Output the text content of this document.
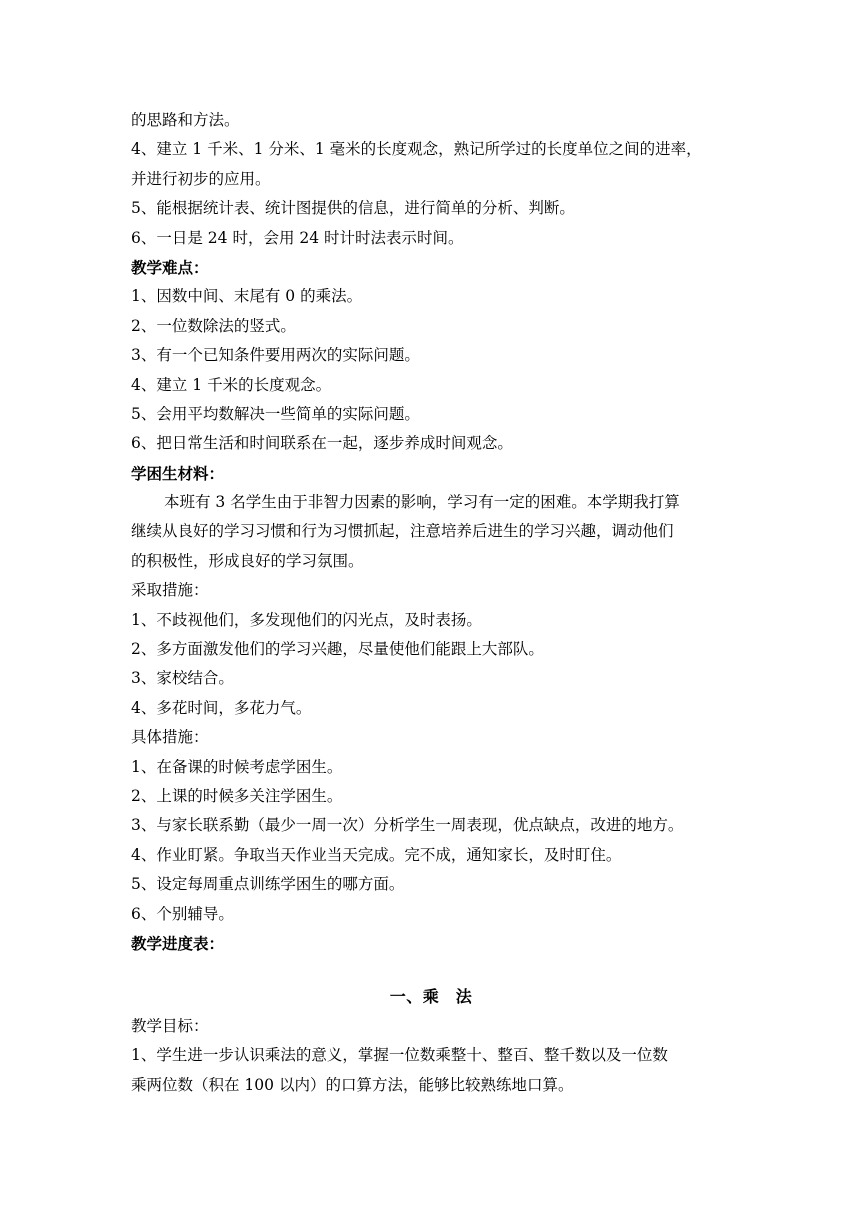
的思路和方法。
4、建立 1 千米、1 分米、1 毫米的长度观念，熟记所学过的长度单位之间的进率，
并进行初步的应用。
5、能根据统计表、统计图提供的信息，进行简单的分析、判断。
6、一日是 24 时，会用 24 时计时法表示时间。
教学难点：
1、因数中间、末尾有 0 的乘法。
2、一位数除法的竖式。
3、有一个已知条件要用两次的实际问题。
4、建立 1 千米的长度观念。
5、会用平均数解决一些简单的实际问题。
6、把日常生活和时间联系在一起，逐步养成时间观念。
学困生材料：
本班有 3 名学生由于非智力因素的影响，学习有一定的困难。本学期我打算
继续从良好的学习习惯和行为习惯抓起，注意培养后进生的学习兴趣，调动他们
的积极性，形成良好的学习氛围。
采取措施：
1、不歧视他们，多发现他们的闪光点，及时表扬。
2、多方面激发他们的学习兴趣，尽量使他们能跟上大部队。
3、家校结合。
4、多花时间，多花力气。
具体措施：
1、在备课的时候考虑学困生。
2、上课的时候多关注学困生。
3、与家长联系勤（最少一周一次）分析学生一周表现，优点缺点，改进的地方。
4、作业盯紧。争取当天作业当天完成。完不成，通知家长，及时盯住。
5、设定每周重点训练学困生的哪方面。
6、个别辅导。
教学进度表：
一、乘　法
教学目标：
1、学生进一步认识乘法的意义，掌握一位数乘整十、整百、整千数以及一位数
乘两位数（积在 100 以内）的口算方法，能够比较熟练地口算。
